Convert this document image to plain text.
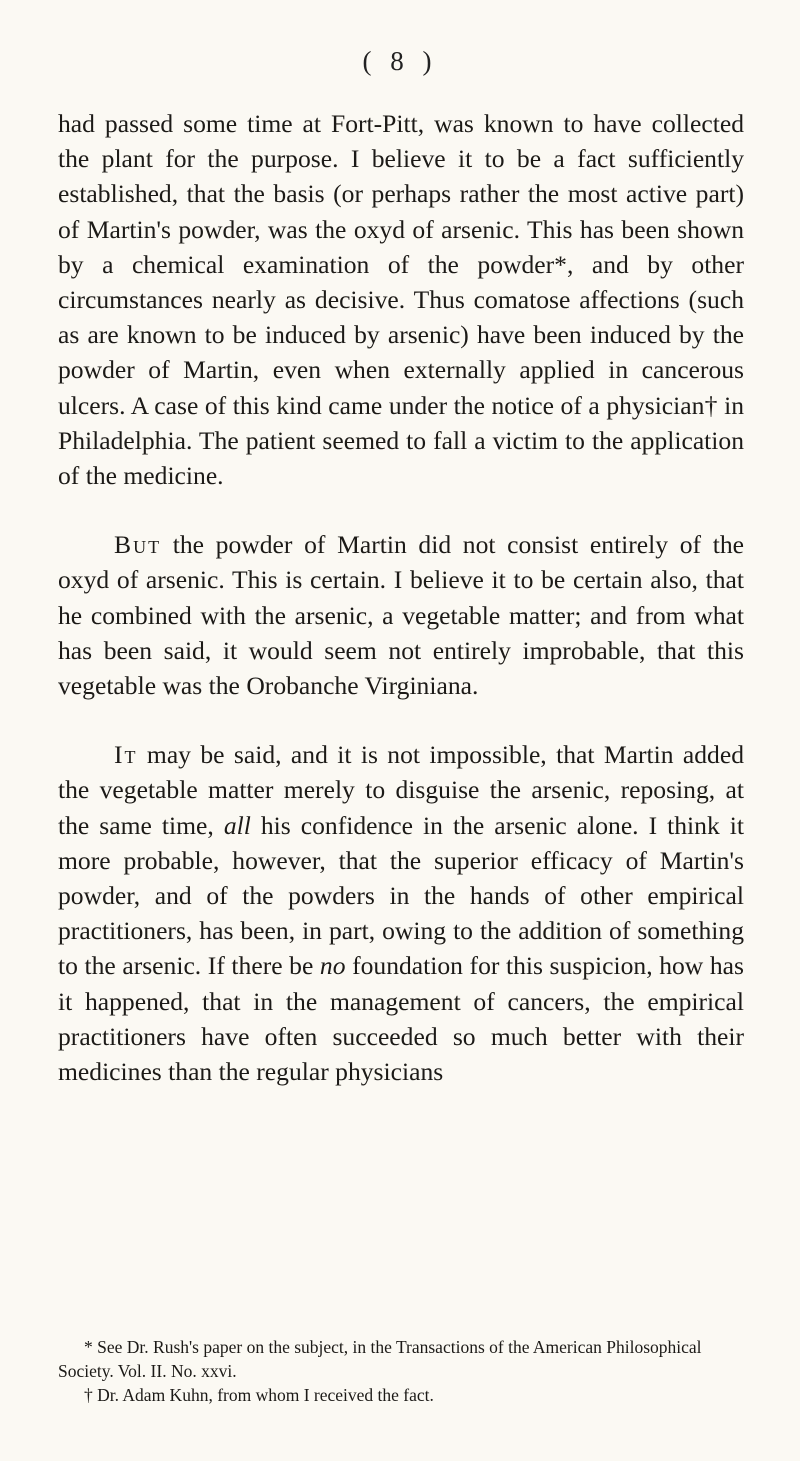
( 8 )

had passed some time at Fort-Pitt, was known to have collected the plant for the purpose. I believe it to be a fact sufficiently established, that the basis (or perhaps rather the most active part) of Martin's powder, was the oxyd of arsenic. This has been shown by a chemical examination of the powder*, and by other circumstances nearly as decisive. Thus comatose affections (such as are known to be induced by arsenic) have been induced by the powder of Martin, even when externally applied in cancerous ulcers. A case of this kind came under the notice of a physician† in Philadelphia. The patient seemed to fall a victim to the application of the medicine.

But the powder of Martin did not consist entirely of the oxyd of arsenic. This is certain. I believe it to be certain also, that he combined with the arsenic, a vegetable matter; and from what has been said, it would seem not entirely improbable, that this vegetable was the Orobanche Virginiana.

It may be said, and it is not impossible, that Martin added the vegetable matter merely to disguise the arsenic, reposing, at the same time, all his confidence in the arsenic alone. I think it more probable, however, that the superior efficacy of Martin's powder, and of the powders in the hands of other empirical practitioners, has been, in part, owing to the addition of something to the arsenic. If there be no foundation for this suspicion, how has it happened, that in the management of cancers, the empirical practitioners have often succeeded so much better with their medicines than the regular physicians

* See Dr. Rush's paper on the subject, in the Transactions of the American Philosophical Society. Vol. II. No. xxvi.

† Dr. Adam Kuhn, from whom I received the fact.
